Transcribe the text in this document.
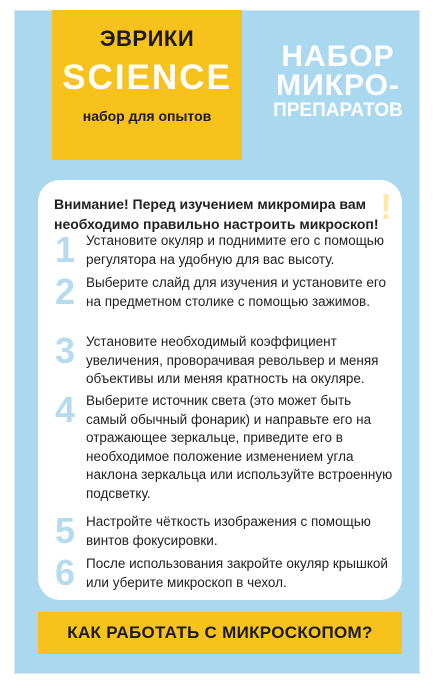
ЭВРИКИ
SCIENCE
набор для опытов
НАБОР
МИКРО-
ПРЕПАРАТОВ
!
Внимание! Перед изучением микромира вам необходимо правильно настроить микроскоп!
1 Установите окуляр и поднимите его с помощью регулятора на удобную для вас высоту.
2 Выберите слайд для изучения и установите его на предметном столике с помощью зажимов.
3 Установите необходимый коэффициент увеличения, проворачивая револьвер и меняя объективы или меняя кратность на окуляре.
4 Выберите источник света (это может быть самый обычный фонарик) и направьте его на отражающее зеркальце, приведите его в необходимое положение изменением угла наклона зеркальца или используйте встроенную подсветку.
5 Настройте чёткость изображения с помощью винтов фокусировки.
6 После использования закройте окуляр крышкой или уберите микроскоп в чехол.
КАК РАБОТАТЬ С МИКРОСКОПОМ?
